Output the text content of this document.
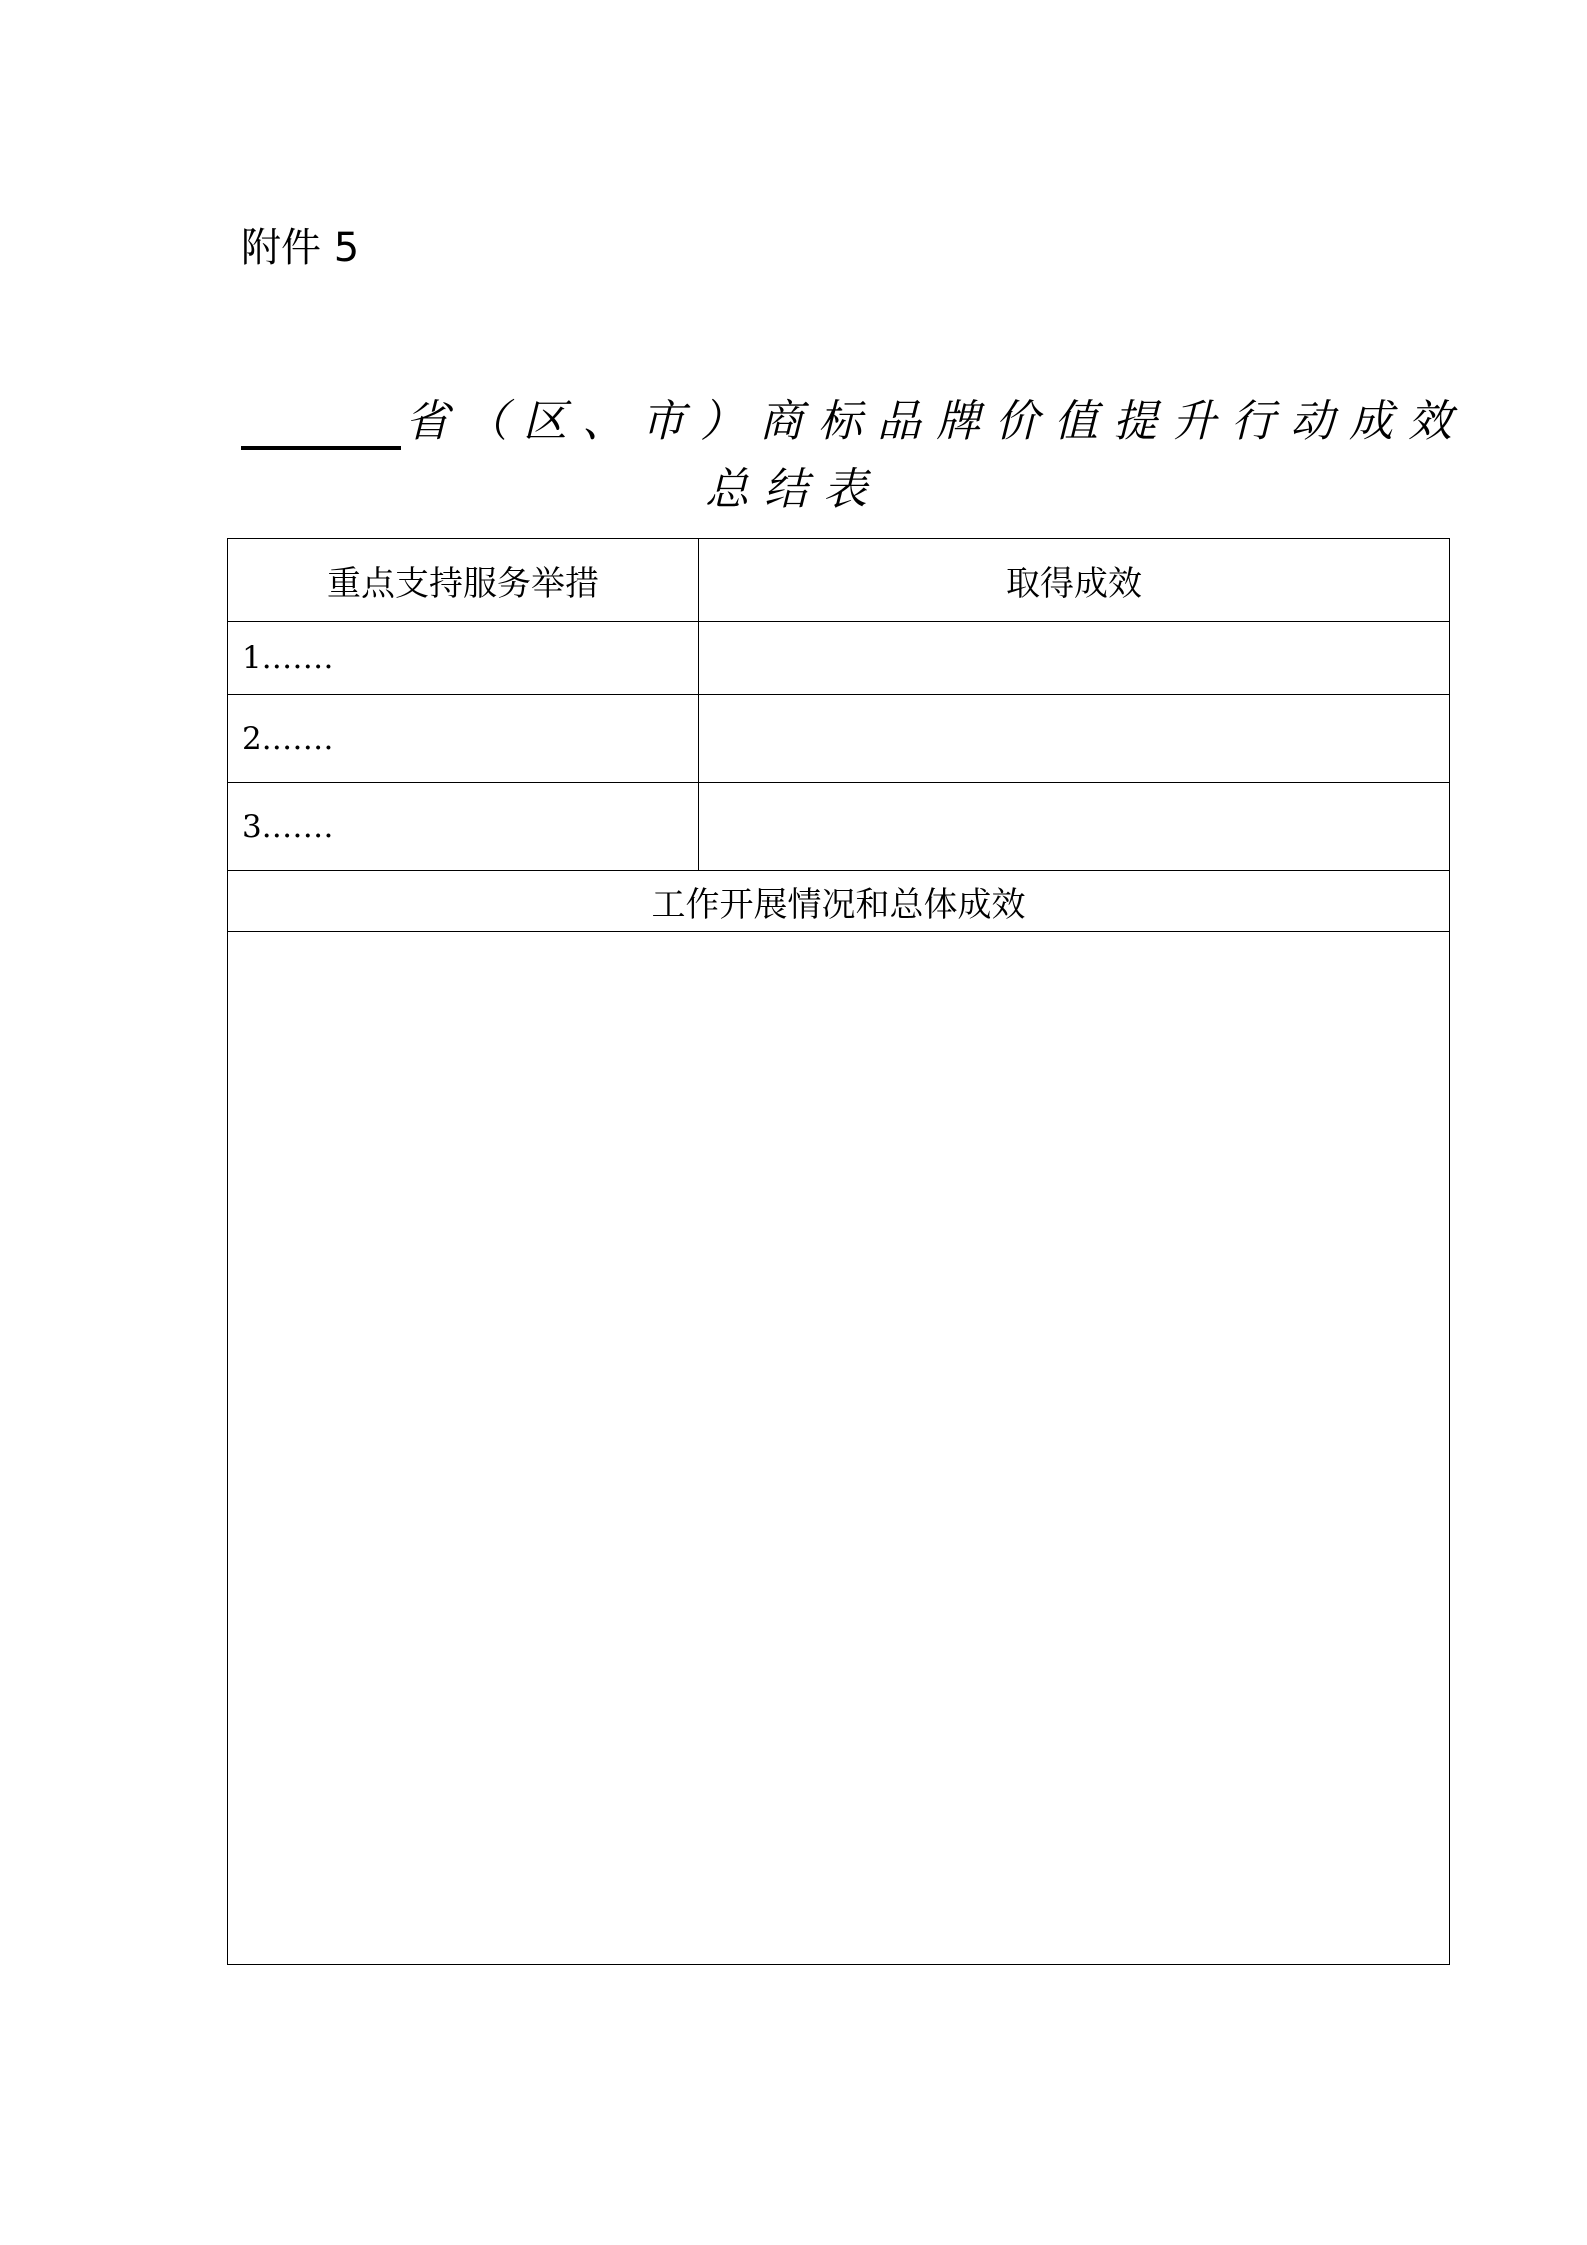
附件 5
省（区、市）商标品牌价值提升行动成效
总结表
重点支持服务举措	取得成效
1.……	
2.……	
3.……	
工作开展情况和总体成效	
